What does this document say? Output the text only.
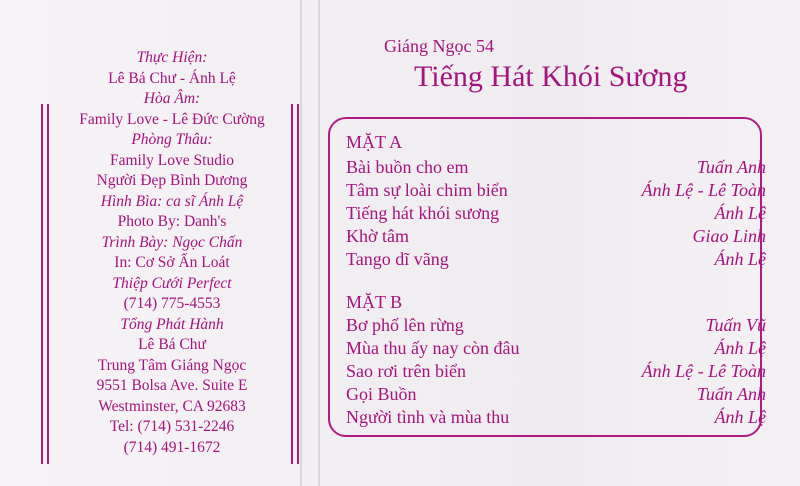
Thực Hiện:
Lê Bá Chư - Ánh Lệ
Hòa Âm:
Family Love - Lê Đức Cường
Phòng Thâu:
Family Love Studio
Người Đẹp Bình Dương
Hình Bìa: ca sĩ Ánh Lệ
Photo By: Danh's
Trình Bày: Ngọc Chấn
In: Cơ Sở Ấn Loát
Thiệp Cưới Perfect
(714) 775-4553
Tổng Phát Hành
Lê Bá Chư
Trung Tâm Giáng Ngọc
9551 Bolsa Ave. Suite E
Westminster, CA 92683
Tel: (714) 531-2246
(714) 491-1672
Giáng Ngọc 54
Tiếng Hát Khói Sương
MẶT A
Bài buồn cho em	Tuấn Anh
Tâm sự loài chim biển	Ánh Lệ - Lê Toàn
Tiếng hát khói sương	Ánh Lệ
Khờ tâm	Giao Linh
Tango dĩ vãng	Ánh Lệ
MẶT B
Bơ phố lên rừng	Tuấn Vũ
Mùa thu ấy nay còn đâu	Ánh Lệ
Sao rơi trên biển	Ánh Lệ - Lê Toàn
Gọi Buồn	Tuấn Anh
Người tình và mùa thu	Ánh Lệ
